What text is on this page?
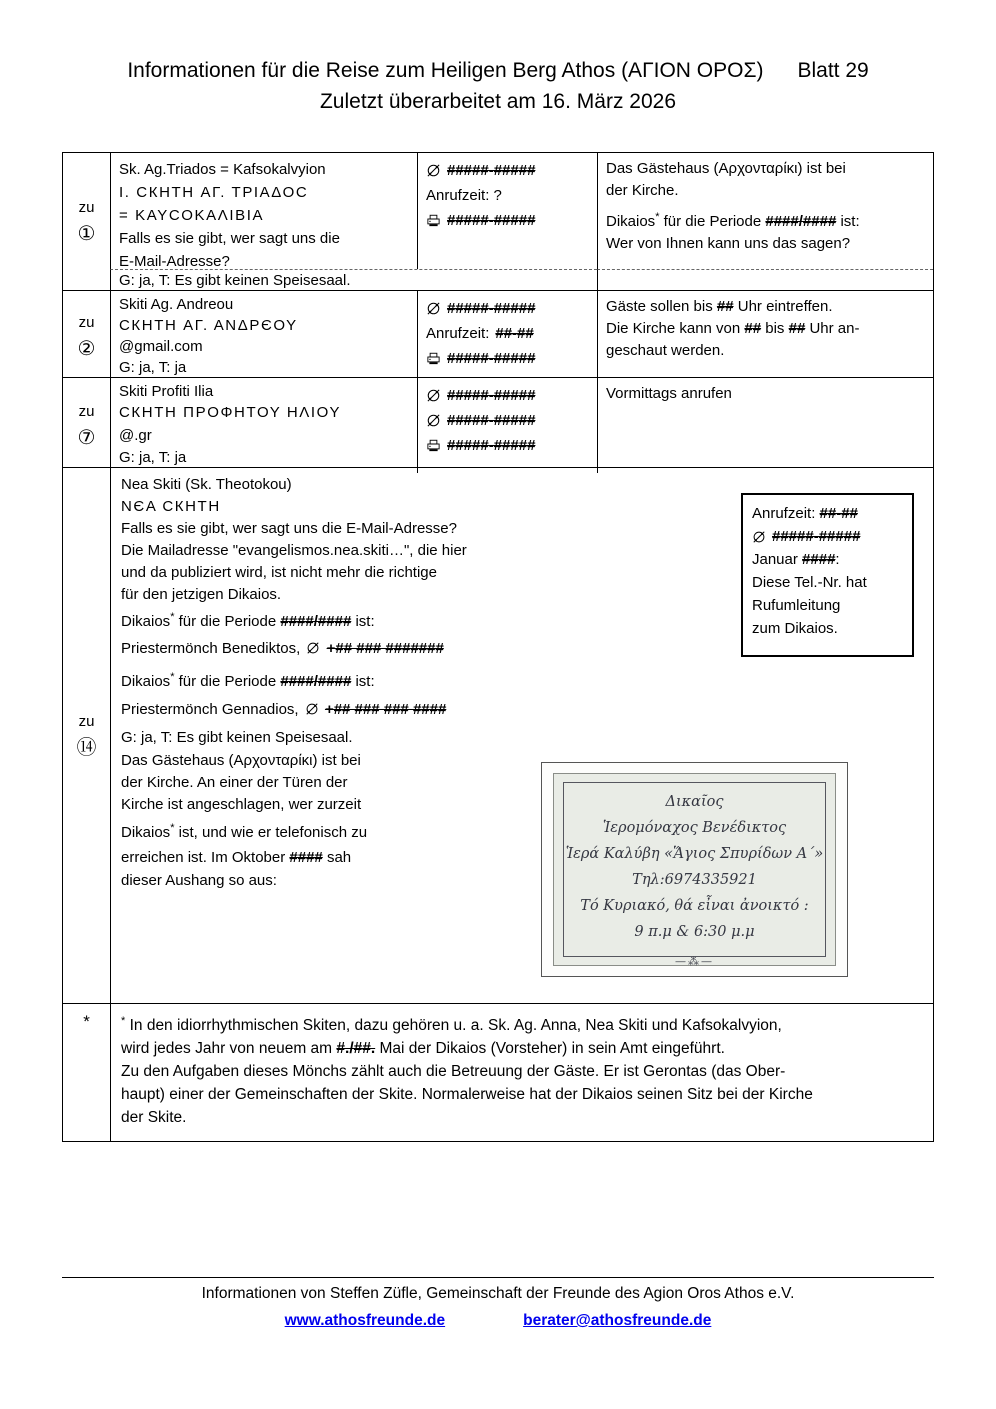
Informationen für die Reise zum Heiligen Berg Athos (ΑΓΙΟΝ ΟΡΟΣ) Blatt 29
Zuletzt überarbeitet am 16. März 2026
zu
①
Sk. Ag.Triados = Kafsokalvyion
Ι. СКНТН ΑΓ. ΤΡΙΑΔΟС
= ΚΑΥСΟΚΑΛΙΒΙΑ
Falls es sie gibt, wer sagt uns die
E-Mail-Adresse?
#####-#####
Anrufzeit: ?
#####-#####
Das Gästehaus (Αρχονταρίκι) ist bei
der Kirche.
Dikaios* für die Periode ####/#### ist:
Wer von Ihnen kann uns das sagen?
G: ja, T: Es gibt keinen Speisesaal.
zu
②
Skiti Ag. Andreou
СКНТН ΑΓ. ΑΝΔΡЄΟΥ
@gmail.com
G: ja, T: ja
#####-#####
Anrufzeit: ##-##
#####-#####
Gäste sollen bis ## Uhr eintreffen.
Die Kirche kann von ## bis ## Uhr an-
geschaut werden.
zu
⑦
Skiti Profiti Ilia
СКНТН ΠΡΟΦΗΤΟΥ ΗΛΙΟΥ
@.gr
G: ja, T: ja
#####-#####
#####-#####
#####-#####
Vormittags anrufen
zu
⑭
Nea Skiti (Sk. Theotokou)
ΝЄΑ СКНТН
Falls es sie gibt, wer sagt uns die E-Mail-Adresse?
Die Mailadresse "evangelismos.nea.skiti…", die hier
und da publiziert wird, ist nicht mehr die richtige
für den jetzigen Dikaios.
Dikaios* für die Periode ####/#### ist:
Priestermönch Benediktos, +## ### #######
Dikaios* für die Periode ####/#### ist:
Priestermönch Gennadios, +## ### ### ####
G: ja, T: Es gibt keinen Speisesaal.
Das Gästehaus (Αρχονταρίκι) ist bei
der Kirche. An einer der Türen der
Kirche ist angeschlagen, wer zurzeit
Dikaios* ist, und wie er telefonisch zu
erreichen ist. Im Oktober #### sah
dieser Aushang so aus:
Anrufzeit: ##-##
#####-#####
Januar ####:
Diese Tel.-Nr. hat
Rufumleitung
zum Dikaios.
Δικαῖος
Ἱερομόναχος Βενέδικτος
Ἱερά Καλύβη «Ἅγιος Σπυρίδων Α´»
Τηλ:6974335921
Τό Κυριακό, θά εἶναι ἀνοικτό :
9 π.μ & 6:30 μ.μ
—⁂—
*	* In den idiorrhythmischen Skiten, dazu gehören u. a. Sk. Ag. Anna, Nea Skiti und Kafsokalvyion,
wird jedes Jahr von neuem am #./##. Mai der Dikaios (Vorsteher) in sein Amt eingeführt.
Zu den Aufgaben dieses Mönchs zählt auch die Betreuung der Gäste. Er ist Gerontas (das Ober-
haupt) einer der Gemeinschaften der Skite. Normalerweise hat der Dikaios seinen Sitz bei der Kirche
der Skite.
Informationen von Steffen Züfle, Gemeinschaft der Freunde des Agion Oros Athos e.V.
www.athosfreunde.de	berater@athosfreunde.de
